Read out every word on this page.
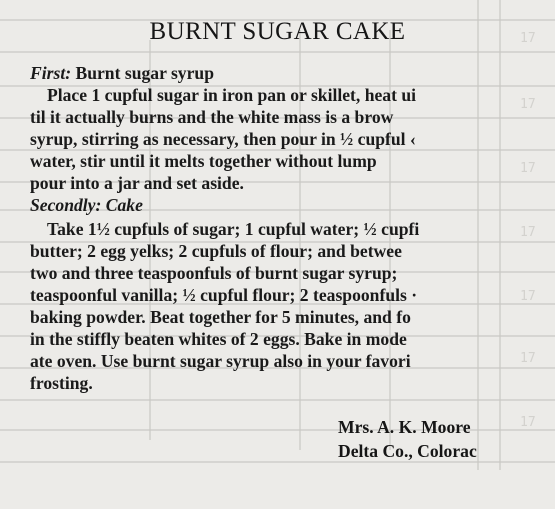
17
17
17
17
17
17
17
BURNT SUGAR CAKE
First: Burnt sugar syrup
Place 1 cupful sugar in iron pan or skillet, heat ui
til it actually burns and the white mass is a brow
syrup, stirring as necessary, then pour in ½ cupful ‹
water, stir until it melts together without lump
pour into a jar and set aside.
Secondly: Cake
Take 1½ cupfuls of sugar; 1 cupful water; ½ cupfi
butter; 2 egg yelks; 2 cupfuls of flour; and betwee
two and three teaspoonfuls of burnt sugar syrup;
teaspoonful vanilla; ½ cupful flour; 2 teaspoonfuls ·
baking powder. Beat together for 5 minutes, and fo
in the stiffly beaten whites of 2 eggs. Bake in mode
ate oven. Use burnt sugar syrup also in your favori
frosting.
Mrs. A. K. Moore
Delta Co., Colorac
